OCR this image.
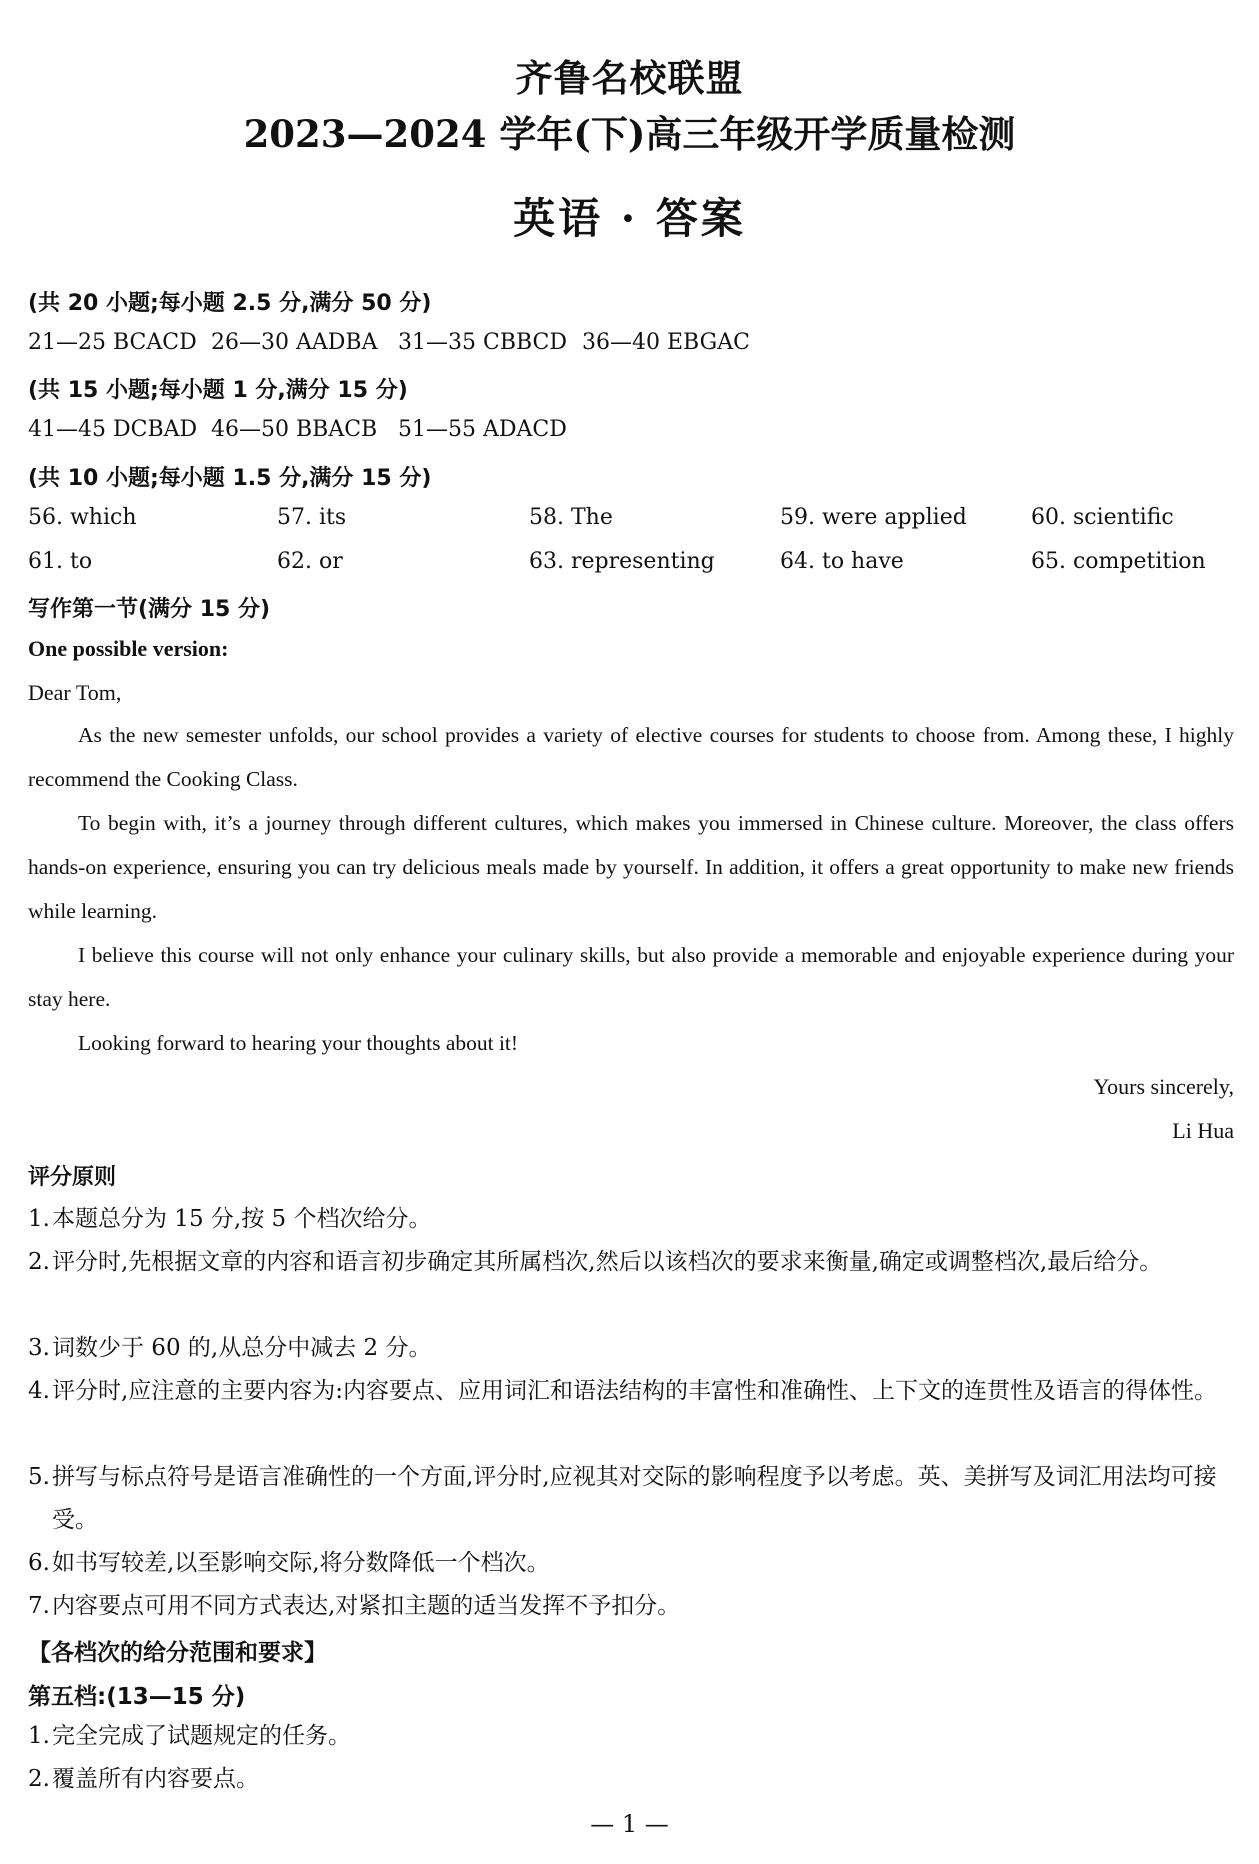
齐鲁名校联盟
2023—2024 学年(下)高三年级开学质量检测
英语 · 答案
(共 20 小题;每小题 2.5 分,满分 50 分)
21—25 BCACD 26—30 AADBA 31—35 CBBCD 36—40 EBGAC
(共 15 小题;每小题 1 分,满分 15 分)
41—45 DCBAD 46—50 BBACB 51—55 ADACD
(共 10 小题;每小题 1.5 分,满分 15 分)
56. which	57. its	58. The	59. were applied	60. scientific
61. to	62. or	63. representing	64. to have	65. competition
写作第一节(满分 15 分)
One possible version:
Dear Tom,
As the new semester unfolds, our school provides a variety of elective courses for students to choose from. Among these, I highly recommend the Cooking Class.
To begin with, it’s a journey through different cultures, which makes you immersed in Chinese culture. Moreover, the class offers hands-on experience, ensuring you can try delicious meals made by yourself. In addition, it offers a great opportunity to make new friends while learning.
I believe this course will not only enhance your culinary skills, but also provide a memorable and enjoyable experience during your stay here.
Looking forward to hearing your thoughts about it!
Yours sincerely,
Li Hua
评分原则
1. 本题总分为 15 分,按 5 个档次给分。
2. 评分时,先根据文章的内容和语言初步确定其所属档次,然后以该档次的要求来衡量,确定或调整档次,最后给分。
3. 词数少于 60 的,从总分中减去 2 分。
4. 评分时,应注意的主要内容为:内容要点、应用词汇和语法结构的丰富性和准确性、上下文的连贯性及语言的得体性。
5. 拼写与标点符号是语言准确性的一个方面,评分时,应视其对交际的影响程度予以考虑。英、美拼写及词汇用法均可接受。
6. 如书写较差,以至影响交际,将分数降低一个档次。
7. 内容要点可用不同方式表达,对紧扣主题的适当发挥不予扣分。
【各档次的给分范围和要求】
第五档:(13—15 分)
1. 完全完成了试题规定的任务。
2. 覆盖所有内容要点。
— 1 —
